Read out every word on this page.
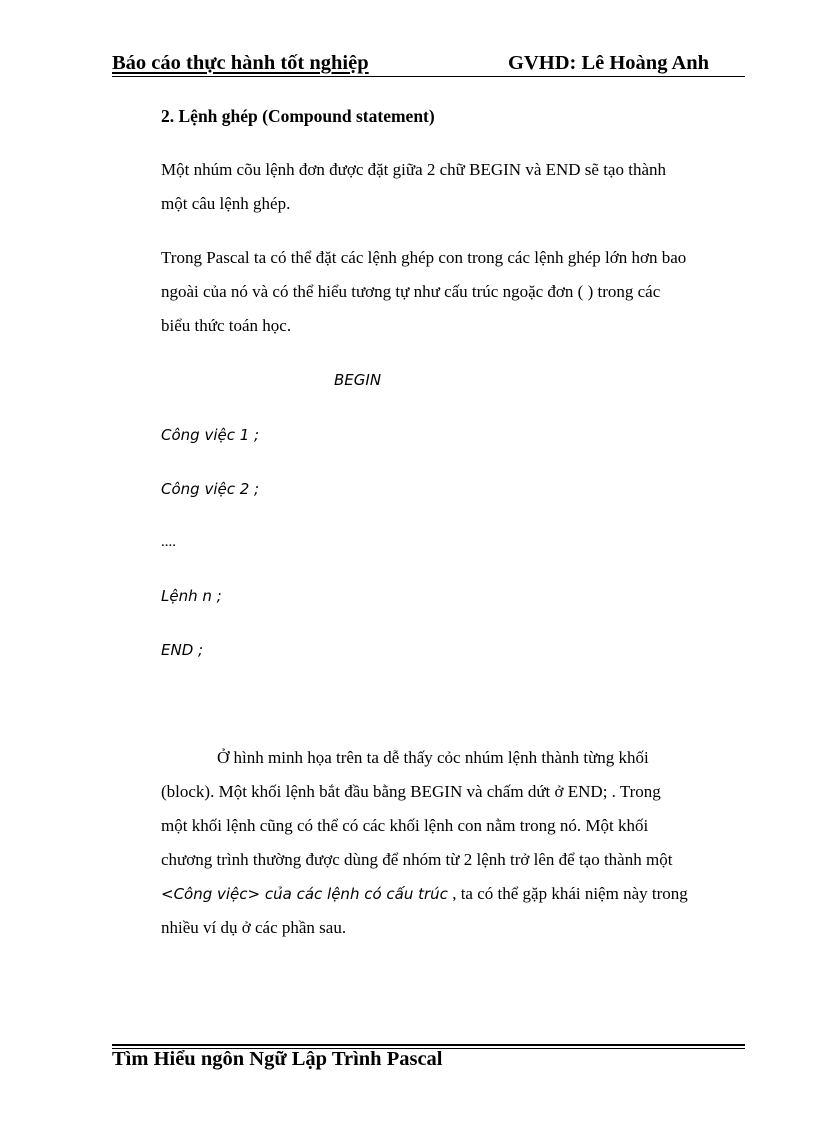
Báo cáo thực hành tốt nghiệp	GVHD: Lê Hoàng Anh
2. Lệnh ghép (Compound statement)
Một nhúm cõu lệnh đơn được đặt giữa 2 chữ BEGIN và END sẽ tạo thành
một câu lệnh ghép.
Trong Pascal ta có thể đặt các lệnh ghép con trong các lệnh ghép lớn hơn bao
ngoài của nó và có thể hiểu tương tự như cấu trúc ngoặc đơn ( ) trong các
biểu thức toán học.
BEGIN
Công việc 1 ;
Công việc 2 ;
....
Lệnh n ;
END ;
Ở hình minh họa trên ta dễ thấy cỏc nhúm lệnh thành từng khối
(block). Một khối lệnh bắt đầu bằng BEGIN và chấm dứt ở END; . Trong
một khối lệnh cũng có thể có các khối lệnh con nằm trong nó. Một khối
chương trình thường được dùng để nhóm từ 2 lệnh trở lên để tạo thành một
<Công việc> của các lệnh có cấu trúc , ta có thể gặp khái niệm này trong
nhiều ví dụ ở các phần sau.
Tìm Hiểu ngôn Ngữ Lập Trình Pascal
